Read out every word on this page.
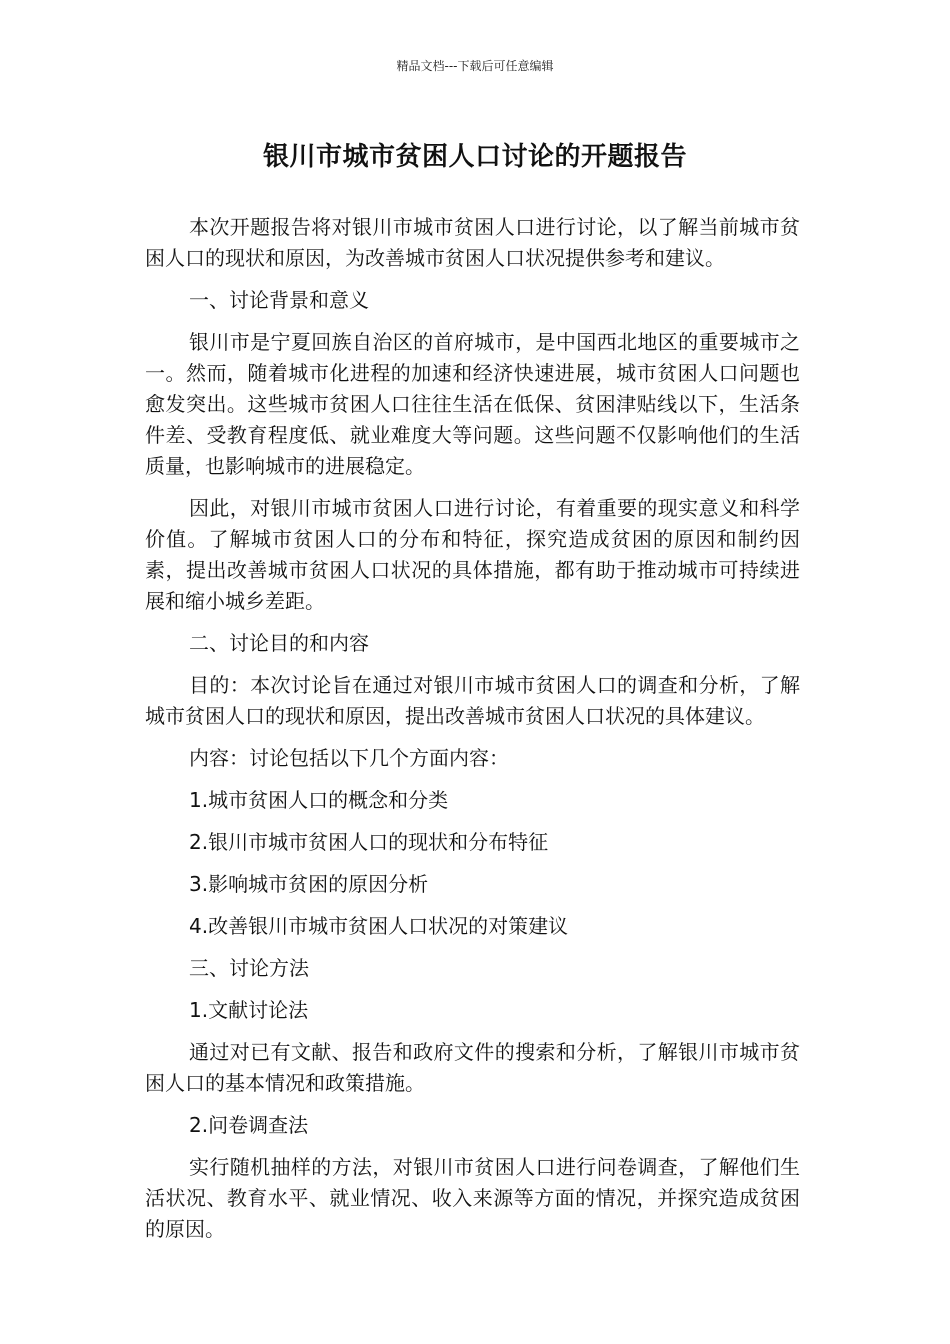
精品文档---下载后可任意编辑
银川市城市贫困人口讨论的开题报告

本次开题报告将对银川市城市贫困人口进行讨论，以了解当前城市贫困人口的现状和原因，为改善城市贫困人口状况提供参考和建议。

一、讨论背景和意义

银川市是宁夏回族自治区的首府城市，是中国西北地区的重要城市之一。然而，随着城市化进程的加速和经济快速进展，城市贫困人口问题也愈发突出。这些城市贫困人口往往生活在低保、贫困津贴线以下，生活条件差、受教育程度低、就业难度大等问题。这些问题不仅影响他们的生活质量，也影响城市的进展稳定。

因此，对银川市城市贫困人口进行讨论，有着重要的现实意义和科学价值。了解城市贫困人口的分布和特征，探究造成贫困的原因和制约因素，提出改善城市贫困人口状况的具体措施，都有助于推动城市可持续进展和缩小城乡差距。

二、讨论目的和内容

目的：本次讨论旨在通过对银川市城市贫困人口的调查和分析，了解城市贫困人口的现状和原因，提出改善城市贫困人口状况的具体建议。

内容：讨论包括以下几个方面内容：

1.城市贫困人口的概念和分类

2.银川市城市贫困人口的现状和分布特征

3.影响城市贫困的原因分析

4.改善银川市城市贫困人口状况的对策建议

三、讨论方法

1.文献讨论法

通过对已有文献、报告和政府文件的搜索和分析，了解银川市城市贫困人口的基本情况和政策措施。

2.问卷调查法

实行随机抽样的方法，对银川市贫困人口进行问卷调查，了解他们生活状况、教育水平、就业情况、收入来源等方面的情况，并探究造成贫困的原因。
